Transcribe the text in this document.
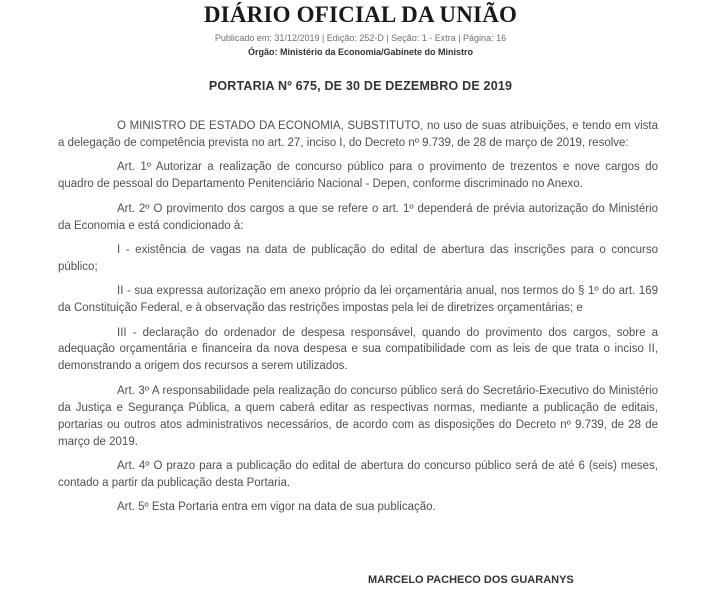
DIÁRIO OFICIAL DA UNIÃO
Publicado em: 31/12/2019 | Edição: 252-D | Seção: 1 - Extra | Página: 16
Órgão: Ministério da Economia/Gabinete do Ministro
PORTARIA Nº 675, DE 30 DE DEZEMBRO DE 2019

O MINISTRO DE ESTADO DA ECONOMIA, SUBSTITUTO, no uso de suas atribuições, e tendo em vista a delegação de competência prevista no art. 27, inciso I, do Decreto nº 9.739, de 28 de março de 2019, resolve:

Art. 1º Autorizar a realização de concurso público para o provimento de trezentos e nove cargos do quadro de pessoal do Departamento Penitenciário Nacional - Depen, conforme discriminado no Anexo.

Art. 2º O provimento dos cargos a que se refere o art. 1º dependerá de prévia autorização do Ministério da Economia e está condicionado à:

I - existência de vagas na data de publicação do edital de abertura das inscrições para o concurso público;

II - sua expressa autorização em anexo próprio da lei orçamentária anual, nos termos do § 1º do art. 169 da Constituição Federal, e à observação das restrições impostas pela lei de diretrizes orçamentárias; e

III - declaração do ordenador de despesa responsável, quando do provimento dos cargos, sobre a adequação orçamentária e financeira da nova despesa e sua compatibilidade com as leis de que trata o inciso II, demonstrando a origem dos recursos a serem utilizados.

Art. 3º A responsabilidade pela realização do concurso público será do Secretário-Executivo do Ministério da Justiça e Segurança Pública, a quem caberá editar as respectivas normas, mediante a publicação de editais, portarias ou outros atos administrativos necessários, de acordo com as disposições do Decreto nº 9.739, de 28 de março de 2019.

Art. 4º O prazo para a publicação do edital de abertura do concurso público será de até 6 (seis) meses, contado a partir da publicação desta Portaria.

Art. 5º Esta Portaria entra em vigor na data de sua publicação.

MARCELO PACHECO DOS GUARANYS
